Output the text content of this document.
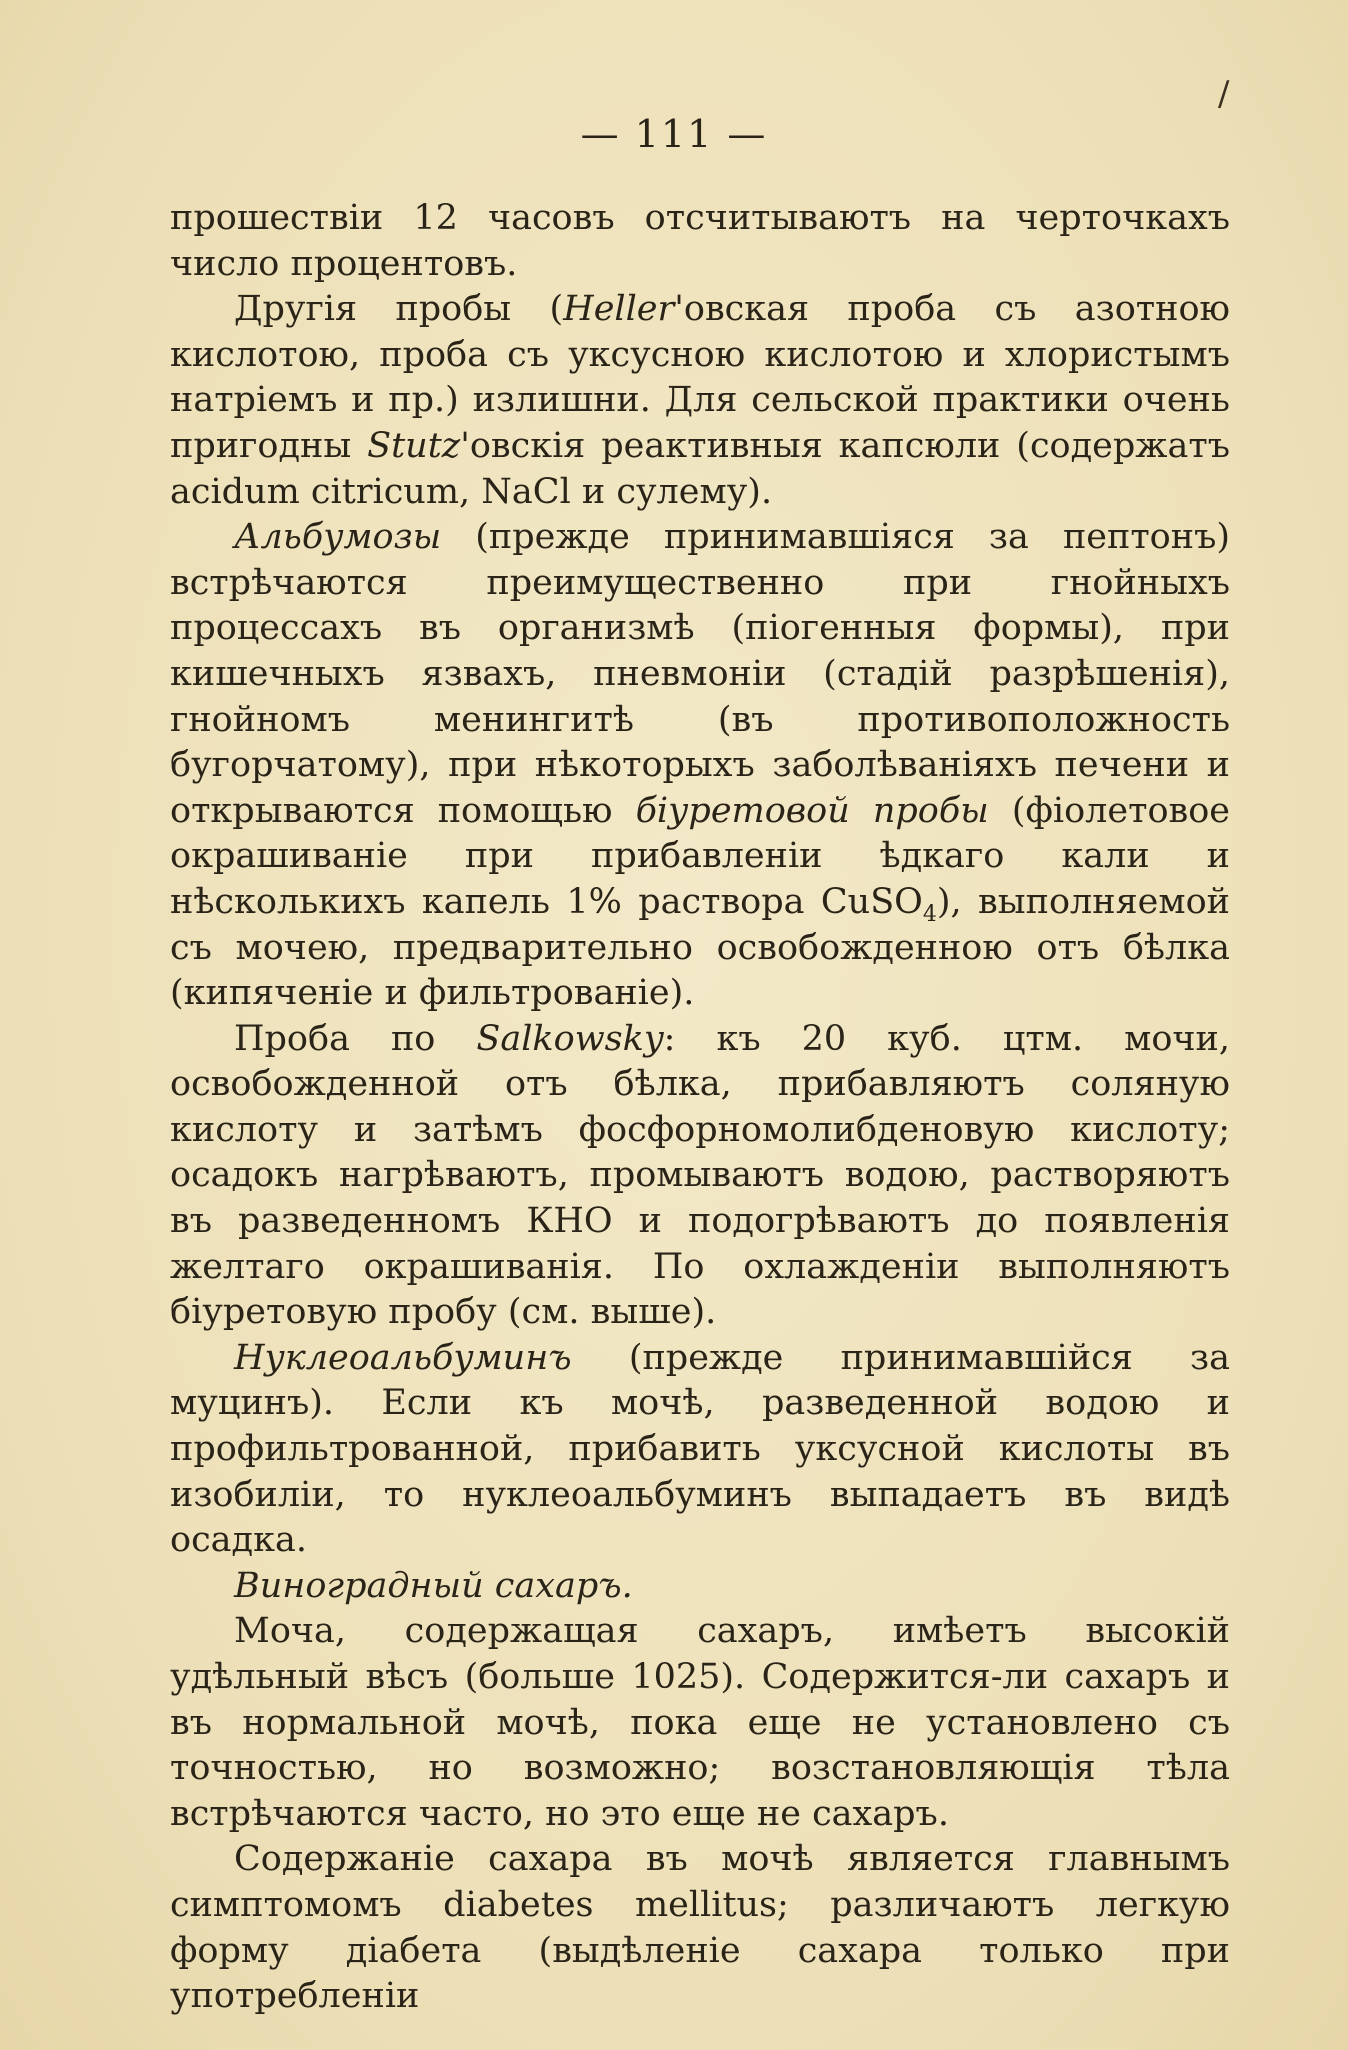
/
— 111 —

прошествіи 12 часовъ отсчитываютъ на черточкахъ число процентовъ.

Другія пробы (Heller'овская проба съ азотною кислотою, проба съ уксусною кислотою и хлористымъ натріемъ и пр.) излишни. Для сельской практики очень пригодны Stutz'овскія реактивныя капсюли (содержатъ acidum citricum, NaCl и сулему).

Альбумозы (прежде принимавшіяся за пептонъ) встрѣчаются преимущественно при гнойныхъ процессахъ въ организмѣ (піогенныя формы), при кишечныхъ язвахъ, пневмоніи (стадій разрѣшенія), гнойномъ менингитѣ (въ противоположность бугорчатому), при нѣкоторыхъ заболѣваніяхъ печени и открываются помощью біуретовой пробы (фіолетовое окрашиваніе при прибавленіи ѣдкаго кали и нѣсколькихъ капель 1% раствора CuSO$_4$), выполняемой съ мочею, предварительно освобожденною отъ бѣлка (кипяченіе и фильтрованіе).

Проба по Salkowsky: къ 20 куб. цтм. мочи, освобожденной отъ бѣлка, прибавляютъ соляную кислоту и затѣмъ фосфорномолибденовую кислоту; осадокъ нагрѣваютъ, промываютъ водою, растворяютъ въ разведенномъ КНО и подогрѣваютъ до появленія желтаго окрашиванія. По охлажденіи выполняютъ біуретовую пробу (см. выше).

Нуклеоальбуминъ (прежде принимавшійся за муцинъ). Если къ мочѣ, разведенной водою и профильтрованной, прибавить уксусной кислоты въ изобиліи, то нуклеоальбуминъ выпадаетъ въ видѣ осадка.

Виноградный сахаръ.

Моча, содержащая сахаръ, имѣетъ высокій удѣльный вѣсъ (больше 1025). Содержится-ли сахаръ и въ нормальной мочѣ, пока еще не установлено съ точностью, но возможно; возстановляющія тѣла встрѣчаются часто, но это еще не сахаръ.

Содержаніе сахара въ мочѣ является главнымъ симптомомъ diabetes mellitus; различаютъ легкую форму діабета (выдѣленіе сахара только при употребленіи
